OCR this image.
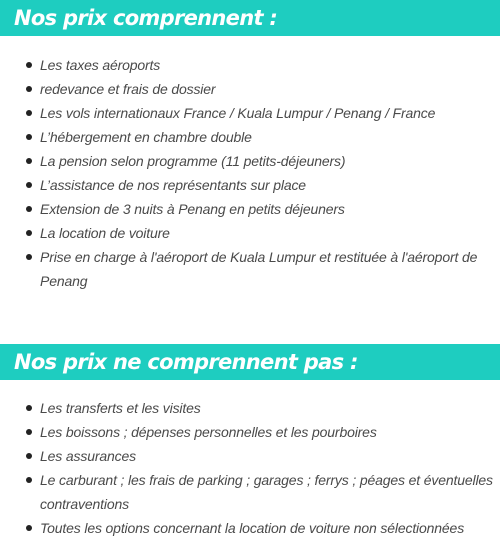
Nos prix comprennent :
Les taxes aéroports
redevance et frais de dossier
Les vols internationaux France / Kuala Lumpur / Penang / France
L’hébergement en chambre double
La pension selon programme (11 petits-déjeuners)
L’assistance de nos représentants sur place
Extension de 3 nuits à Penang en petits déjeuners
La location de voiture
Prise en charge à l'aéroport de Kuala Lumpur et restituée à l'aéroport de Penang
Nos prix ne comprennent pas :
Les transferts et les visites
Les boissons ; dépenses personnelles et les pourboires
Les assurances
Le carburant ; les frais de parking ; garages ; ferrys ; péages et éventuelles contraventions
Toutes les options concernant la location de voiture non sélectionnées
